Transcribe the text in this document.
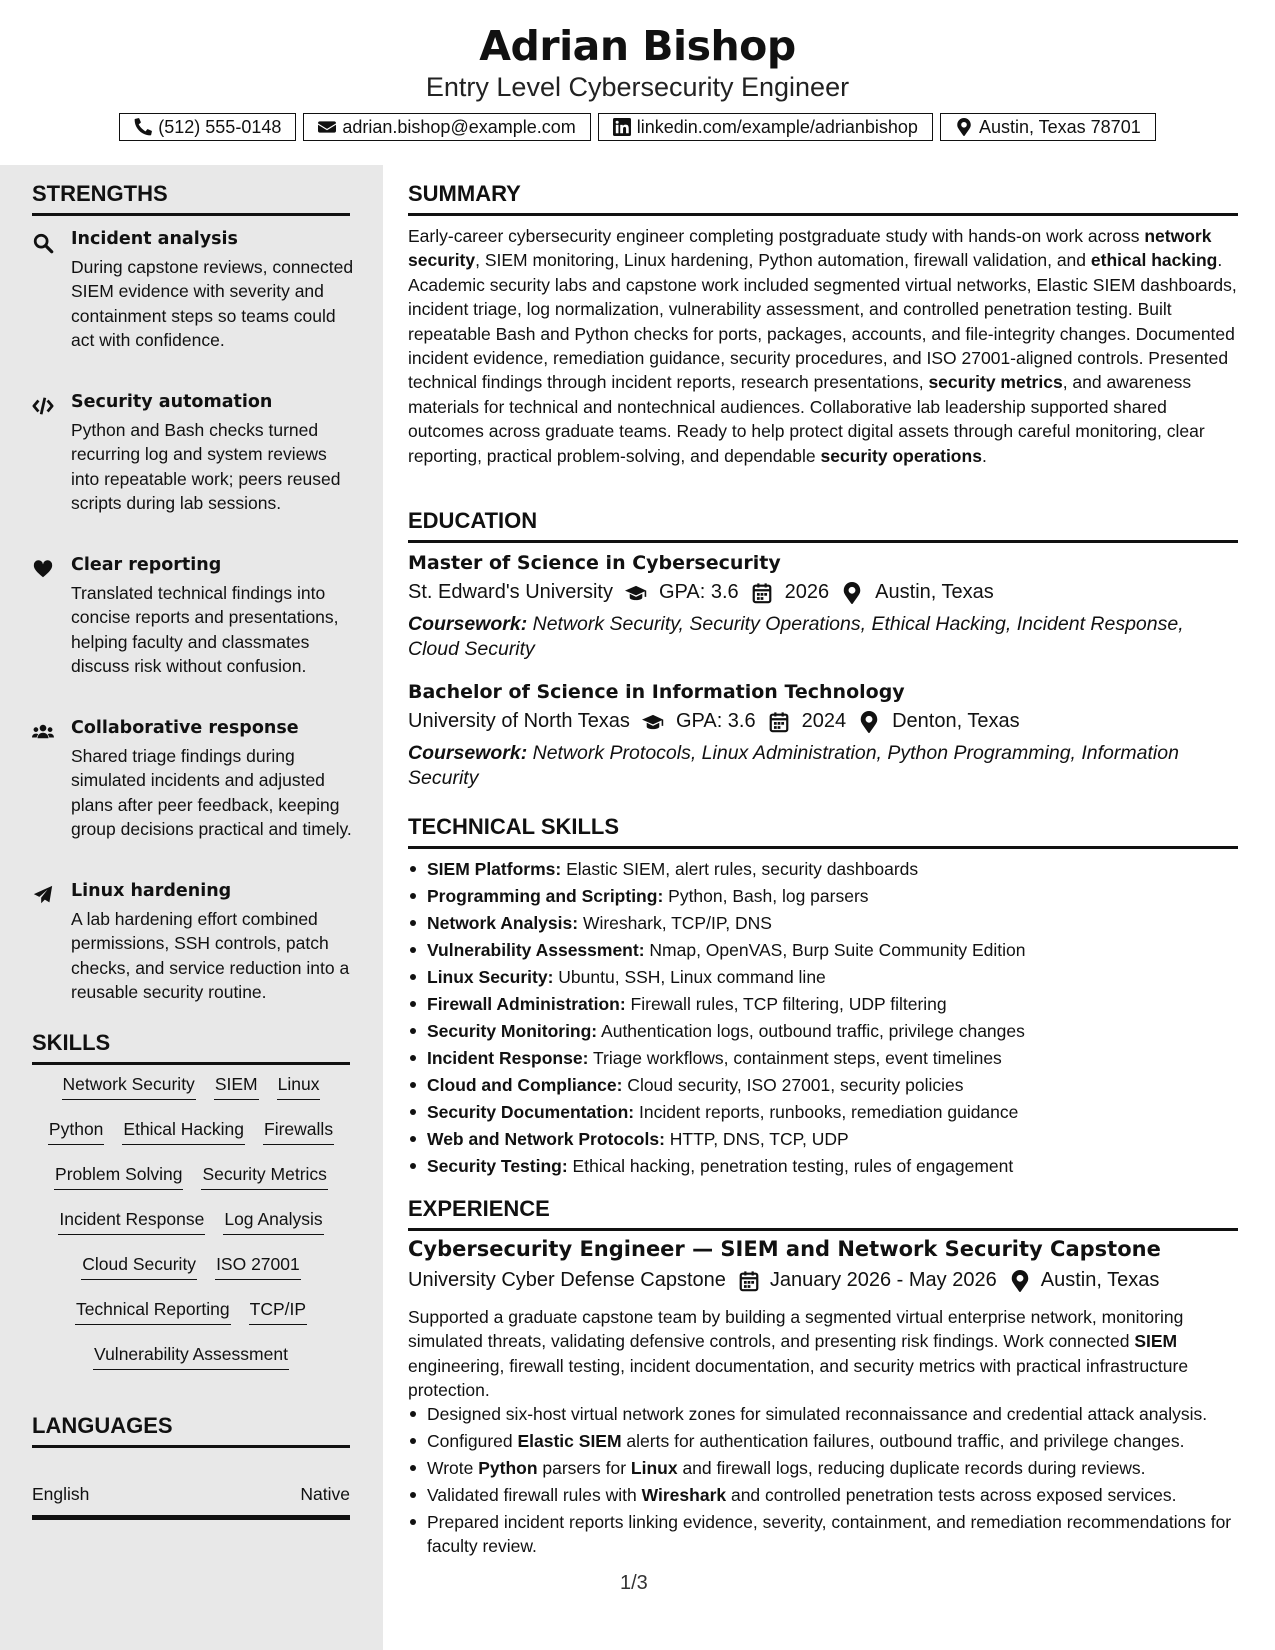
Adrian Bishop
Entry Level Cybersecurity Engineer
(512) 555-0148	adrian.bishop@example.com	linkedin.com/example/adrianbishop	Austin, Texas 78701
STRENGTHS
Incident analysis
During capstone reviews, connected SIEM evidence with severity and containment steps so teams could act with confidence.
Security automation
Python and Bash checks turned recurring log and system reviews into repeatable work; peers reused scripts during lab sessions.
Clear reporting
Translated technical findings into concise reports and presentations, helping faculty and classmates discuss risk without confusion.
Collaborative response
Shared triage findings during simulated incidents and adjusted plans after peer feedback, keeping group decisions practical and timely.
Linux hardening
A lab hardening effort combined permissions, SSH controls, patch checks, and service reduction into a reusable security routine.
SKILLS
Network Security SIEM Linux
Python Ethical Hacking Firewalls
Problem Solving Security Metrics
Incident Response Log Analysis
Cloud Security ISO 27001
Technical Reporting TCP/IP
Vulnerability Assessment
LANGUAGES
English	Native
SUMMARY
Early-career cybersecurity engineer completing postgraduate study with hands-on work across network security, SIEM monitoring, Linux hardening, Python automation, firewall validation, and ethical hacking. Academic security labs and capstone work included segmented virtual networks, Elastic SIEM dashboards, incident triage, log normalization, vulnerability assessment, and controlled penetration testing. Built repeatable Bash and Python checks for ports, packages, accounts, and file-integrity changes. Documented incident evidence, remediation guidance, security procedures, and ISO 27001-aligned controls. Presented technical findings through incident reports, research presentations, security metrics, and awareness materials for technical and nontechnical audiences. Collaborative lab leadership supported shared outcomes across graduate teams. Ready to help protect digital assets through careful monitoring, clear reporting, practical problem-solving, and dependable security operations.
EDUCATION
Master of Science in Cybersecurity
St. Edward's University GPA: 3.6 2026 Austin, Texas
Coursework: Network Security, Security Operations, Ethical Hacking, Incident Response, Cloud Security
Bachelor of Science in Information Technology
University of North Texas GPA: 3.6 2024 Denton, Texas
Coursework: Network Protocols, Linux Administration, Python Programming, Information Security
TECHNICAL SKILLS
SIEM Platforms: Elastic SIEM, alert rules, security dashboards
Programming and Scripting: Python, Bash, log parsers
Network Analysis: Wireshark, TCP/IP, DNS
Vulnerability Assessment: Nmap, OpenVAS, Burp Suite Community Edition
Linux Security: Ubuntu, SSH, Linux command line
Firewall Administration: Firewall rules, TCP filtering, UDP filtering
Security Monitoring: Authentication logs, outbound traffic, privilege changes
Incident Response: Triage workflows, containment steps, event timelines
Cloud and Compliance: Cloud security, ISO 27001, security policies
Security Documentation: Incident reports, runbooks, remediation guidance
Web and Network Protocols: HTTP, DNS, TCP, UDP
Security Testing: Ethical hacking, penetration testing, rules of engagement
EXPERIENCE
Cybersecurity Engineer — SIEM and Network Security Capstone
University Cyber Defense Capstone January 2026 - May 2026 Austin, Texas
Supported a graduate capstone team by building a segmented virtual enterprise network, monitoring simulated threats, validating defensive controls, and presenting risk findings. Work connected SIEM engineering, firewall testing, incident documentation, and security metrics with practical infrastructure protection.
Designed six-host virtual network zones for simulated reconnaissance and credential attack analysis.
Configured Elastic SIEM alerts for authentication failures, outbound traffic, and privilege changes.
Wrote Python parsers for Linux and firewall logs, reducing duplicate records during reviews.
Validated firewall rules with Wireshark and controlled penetration tests across exposed services.
Prepared incident reports linking evidence, severity, containment, and remediation recommendations for faculty review.
1/3
